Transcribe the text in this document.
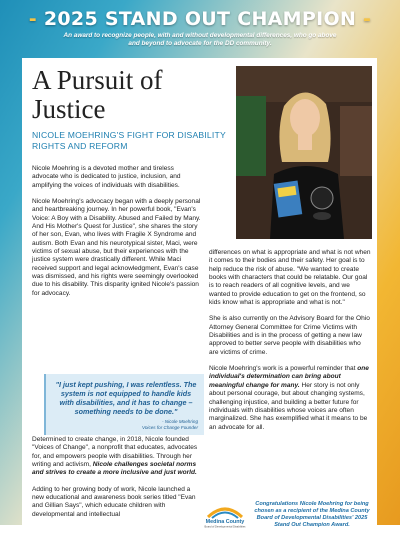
- 2025 STAND OUT CHAMPION -

An award to recognize people, with and without developmental differences, who go above and beyond to advocate for the DD community.

A Pursuit of Justice

NICOLE MOEHRING'S FIGHT FOR DISABILITY RIGHTS AND REFORM

Nicole Moehring is a devoted mother and tireless advocate who is dedicated to justice, inclusion, and amplifying the voices of individuals with disabilities.

Nicole Moehring's advocacy began with a deeply personal and heartbreaking journey. In her powerful book, "Evan's Voice: A Boy with a Disability. Abused and Failed by Many. And His Mother's Quest for Justice", she shares the story of her son, Evan, who lives with Fragile X Syndrome and autism. Both Evan and his neurotypical sister, Maci, were victims of sexual abuse, but their experiences with the justice system were drastically different. While Maci received support and legal acknowledgment, Evan's case was dismissed, and his rights were seemingly overlooked due to his disability. This disparity ignited Nicole's passion for advocacy.

"I just kept pushing, I was relentless. The system is not equipped to handle kids with disabilities, and it has to change – something needs to be done."

- Nicole Moehring
Voices for Change Founder

Determined to create change, in 2018, Nicole founded "Voices of Change", a nonprofit that educates, advocates for, and empowers people with disabilities. Through her writing and activism, Nicole challenges societal norms and strives to create a more inclusive and just world.

Adding to her growing body of work, Nicole launched a new educational and awareness book series titled "Evan and Gillian Says", which educate children with developmental and intellectual

differences on what is appropriate and what is not when it comes to their bodies and their safety. Her goal is to help reduce the risk of abuse. "We wanted to create books with characters that could be relatable. Our goal is to reach readers of all cognitive levels, and we wanted to provide education to get on the frontend, so kids know what is appropriate and what is not."

She is also currently on the Advisory Board for the Ohio Attorney General Committee for Crime Victims with Disabilities and is in the process of getting a new law approved to better serve people with disabilities who are victims of crime.

Nicole Moehring's work is a powerful reminder that one individual's determination can bring about meaningful change for many. Her story is not only about personal courage, but about changing systems, challenging injustice, and building a better future for individuals with disabilities whose voices are often marginalized. She has exemplified what it means to be an advocate for all.

Medina County
Board of Developmental Disabilities

Congratulations Nicole Moehring for being chosen as a recipient of the Medina County Board of Developmental Disabilities' 2025 Stand Out Champion Award.
